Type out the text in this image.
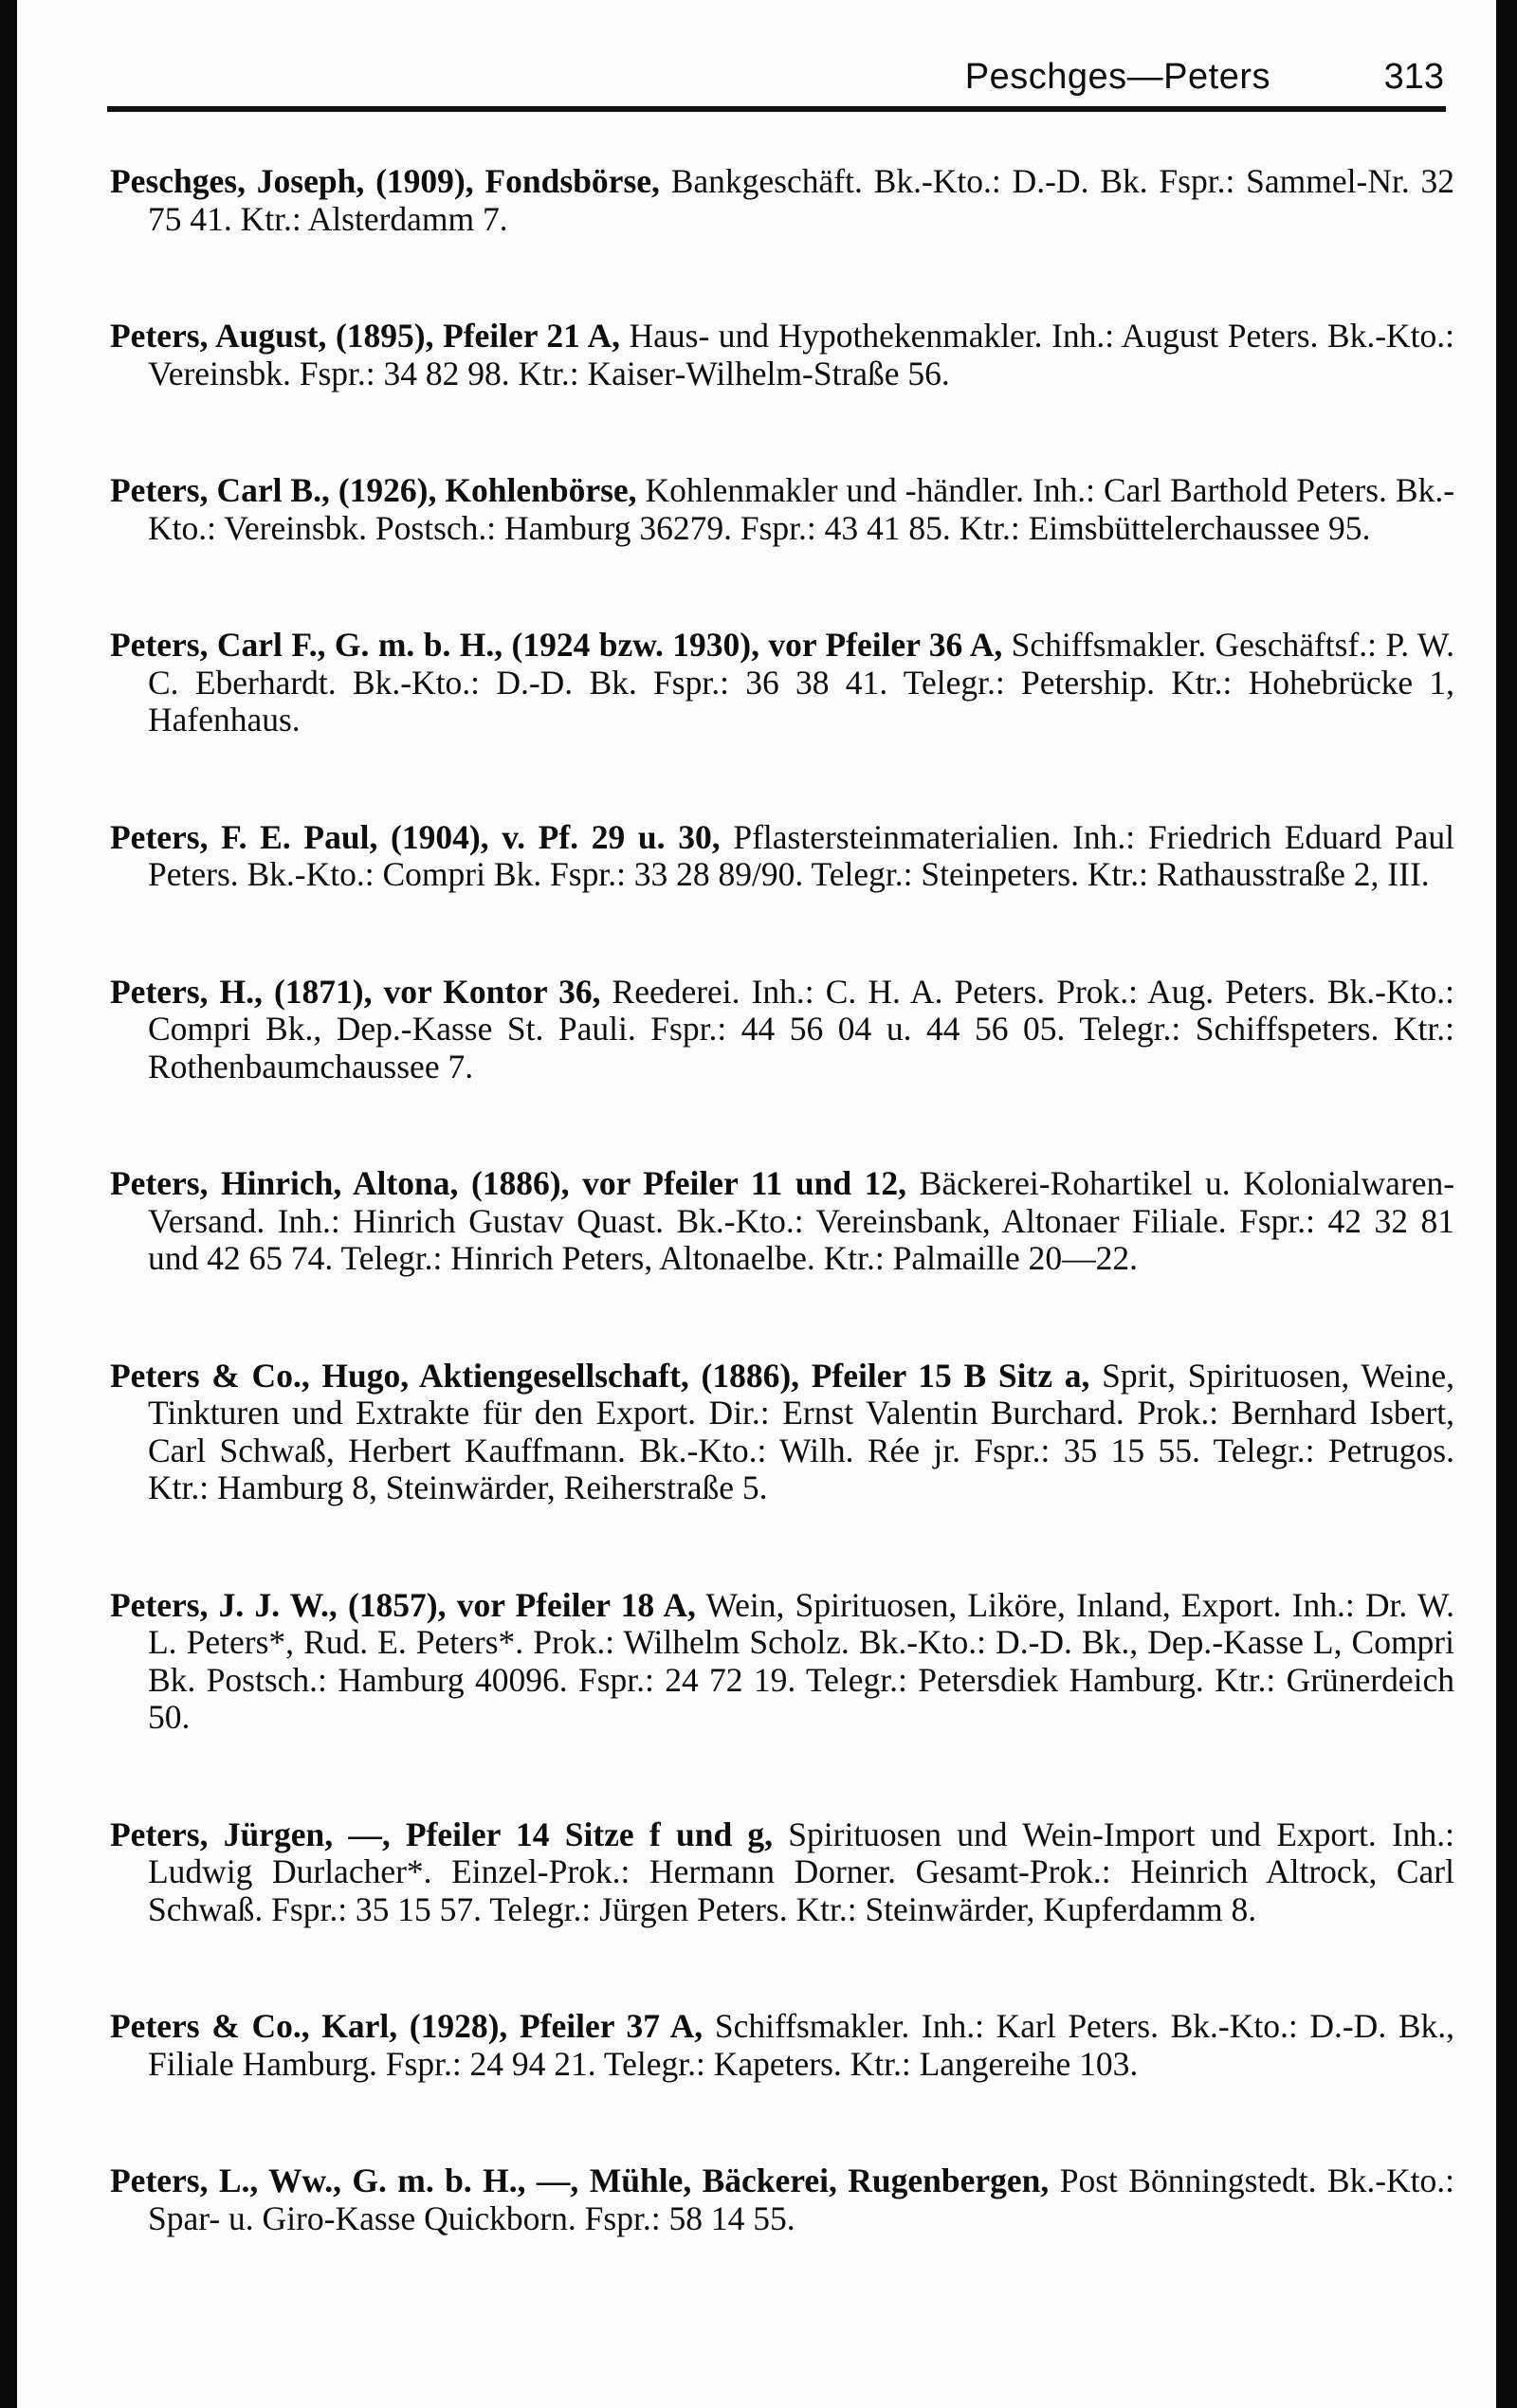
Peschges—Peters	313

Peschges, Joseph, (1909), Fondsbörse, Bankgeschäft. Bk.-Kto.: D.-D. Bk. Fspr.: Sammel-Nr. 32 75 41. Ktr.: Alsterdamm 7.

Peters, August, (1895), Pfeiler 21 A, Haus- und Hypothekenmakler. Inh.: August Peters. Bk.-Kto.: Vereinsbk. Fspr.: 34 82 98. Ktr.: Kaiser-Wilhelm-Straße 56.

Peters, Carl B., (1926), Kohlenbörse, Kohlenmakler und -händler. Inh.: Carl Barthold Peters. Bk.-Kto.: Vereinsbk. Postsch.: Hamburg 36279. Fspr.: 43 41 85. Ktr.: Eimsbüttelerchaussee 95.

Peters, Carl F., G. m. b. H., (1924 bzw. 1930), vor Pfeiler 36 A, Schiffsmakler. Geschäftsf.: P. W. C. Eberhardt. Bk.-Kto.: D.-D. Bk. Fspr.: 36 38 41. Telegr.: Petership. Ktr.: Hohebrücke 1, Hafenhaus.

Peters, F. E. Paul, (1904), v. Pf. 29 u. 30, Pflastersteinmaterialien. Inh.: Friedrich Eduard Paul Peters. Bk.-Kto.: Compri Bk. Fspr.: 33 28 89/90. Telegr.: Steinpeters. Ktr.: Rathausstraße 2, III.

Peters, H., (1871), vor Kontor 36, Reederei. Inh.: C. H. A. Peters. Prok.: Aug. Peters. Bk.-Kto.: Compri Bk., Dep.-Kasse St. Pauli. Fspr.: 44 56 04 u. 44 56 05. Telegr.: Schiffspeters. Ktr.: Rothenbaumchaussee 7.

Peters, Hinrich, Altona, (1886), vor Pfeiler 11 und 12, Bäckerei-Rohartikel u. Kolonialwaren-Versand. Inh.: Hinrich Gustav Quast. Bk.-Kto.: Vereinsbank, Altonaer Filiale. Fspr.: 42 32 81 und 42 65 74. Telegr.: Hinrich Peters, Altonaelbe. Ktr.: Palmaille 20—22.

Peters & Co., Hugo, Aktiengesellschaft, (1886), Pfeiler 15 B Sitz a, Sprit, Spirituosen, Weine, Tinkturen und Extrakte für den Export. Dir.: Ernst Valentin Burchard. Prok.: Bernhard Isbert, Carl Schwaß, Herbert Kauffmann. Bk.-Kto.: Wilh. Rée jr. Fspr.: 35 15 55. Telegr.: Petrugos. Ktr.: Hamburg 8, Steinwärder, Reiherstraße 5.

Peters, J. J. W., (1857), vor Pfeiler 18 A, Wein, Spirituosen, Liköre, Inland, Export. Inh.: Dr. W. L. Peters*, Rud. E. Peters*. Prok.: Wilhelm Scholz. Bk.-Kto.: D.-D. Bk., Dep.-Kasse L, Compri Bk. Postsch.: Hamburg 40096. Fspr.: 24 72 19. Telegr.: Petersdiek Hamburg. Ktr.: Grünerdeich 50.

Peters, Jürgen, —, Pfeiler 14 Sitze f und g, Spirituosen und Wein-Import und Export. Inh.: Ludwig Durlacher*. Einzel-Prok.: Hermann Dorner. Gesamt-Prok.: Heinrich Altrock, Carl Schwaß. Fspr.: 35 15 57. Telegr.: Jürgen Peters. Ktr.: Steinwärder, Kupferdamm 8.

Peters & Co., Karl, (1928), Pfeiler 37 A, Schiffsmakler. Inh.: Karl Peters. Bk.-Kto.: D.-D. Bk., Filiale Hamburg. Fspr.: 24 94 21. Telegr.: Kapeters. Ktr.: Langereihe 103.

Peters, L., Ww., G. m. b. H., —, Mühle, Bäckerei, Rugenbergen, Post Bönningstedt. Bk.-Kto.: Spar- u. Giro-Kasse Quickborn. Fspr.: 58 14 55.
